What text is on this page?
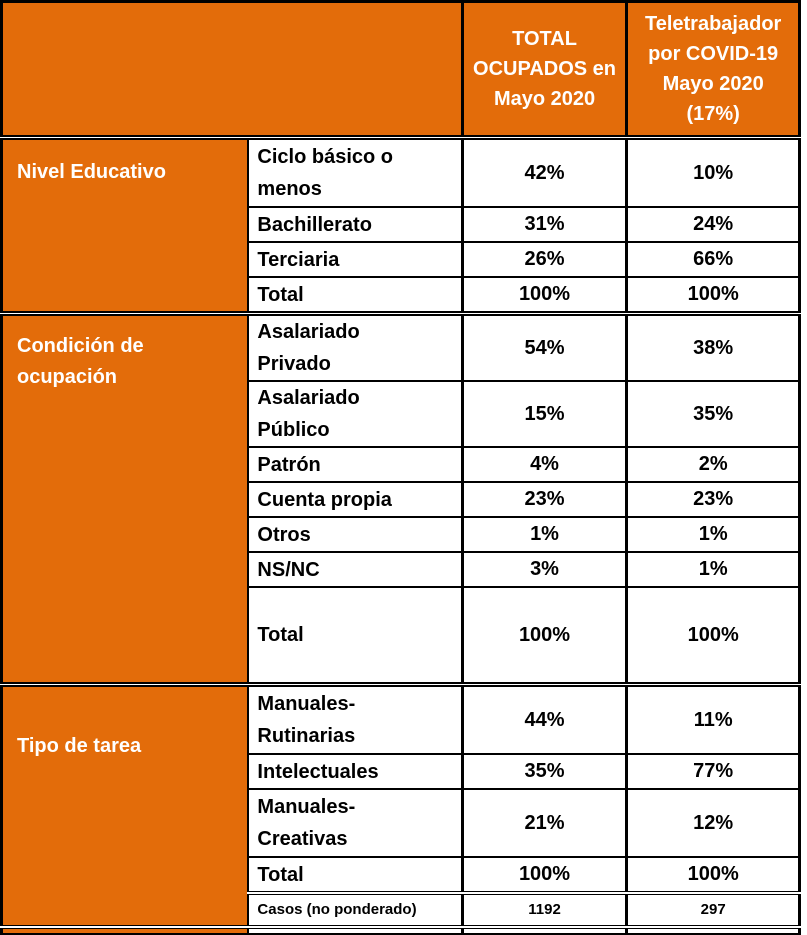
		TOTAL OCUPADOS en Mayo 2020	Teletrabajador por COVID-19 Mayo 2020 (17%)
Nivel Educativo	Ciclo básico o menos	42%	10%
	Bachillerato	31%	24%
	Terciaria	26%	66%
	Total	100%	100%
Condición de ocupación	Asalariado Privado	54%	38%
	Asalariado Público	15%	35%
	Patrón	4%	2%
	Cuenta propia	23%	23%
	Otros	1%	1%
	NS/NC	3%	1%
	Total	100%	100%
Tipo de tarea	Manuales-Rutinarias	44%	11%
	Intelectuales	35%	77%
	Manuales-Creativas	21%	12%
	Total	100%	100%
	Casos (no ponderado)	1192	297
